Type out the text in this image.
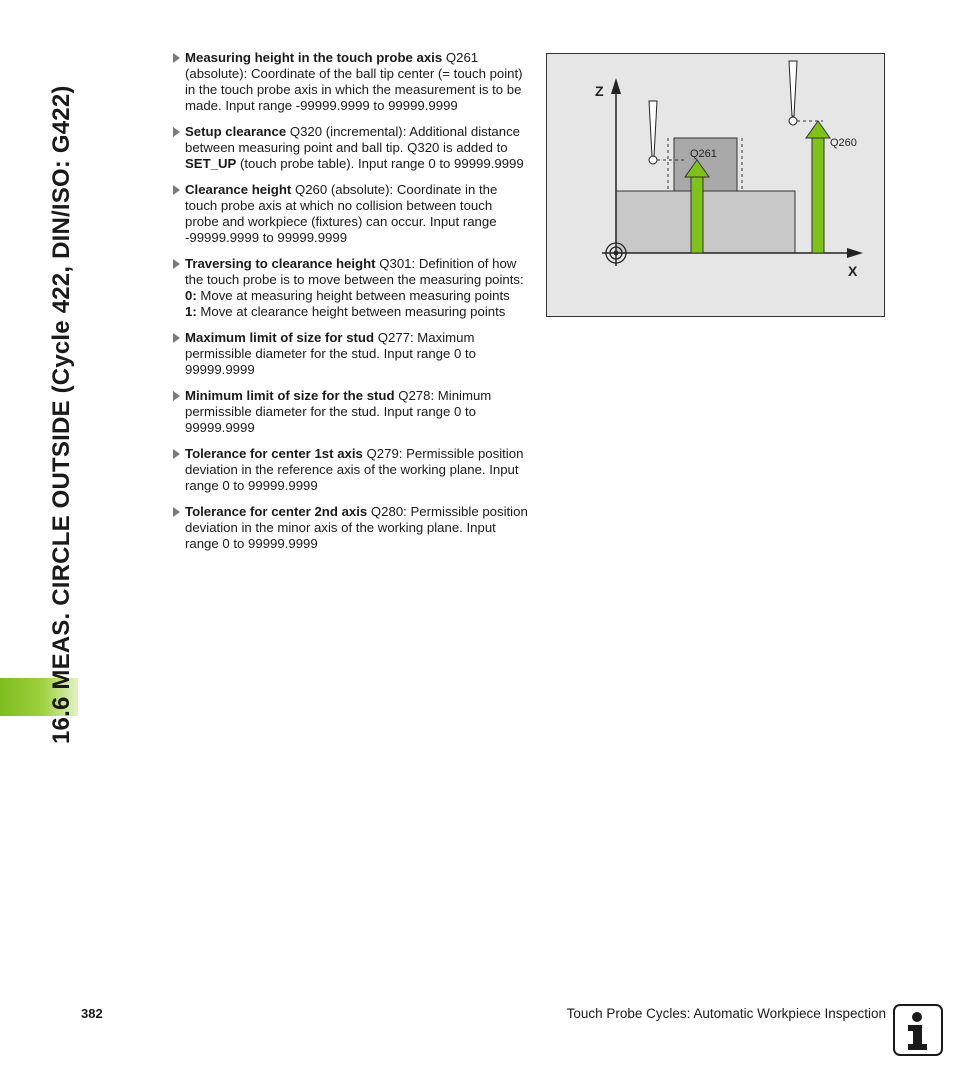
16.6 MEAS. CIRCLE OUTSIDE (Cycle 422, DIN/ISO: G422)
Measuring height in the touch probe axis Q261 (absolute): Coordinate of the ball tip center (= touch point) in the touch probe axis in which the measurement is to be made. Input range -99999.9999 to 99999.9999
Setup clearance Q320 (incremental): Additional distance between measuring point and ball tip. Q320 is added to SET_UP (touch probe table). Input range 0 to 99999.9999
Clearance height Q260 (absolute): Coordinate in the touch probe axis at which no collision between touch probe and workpiece (fixtures) can occur. Input range -99999.9999 to 99999.9999
Traversing to clearance height Q301: Definition of how the touch probe is to move between the measuring points:
0: Move at measuring height between measuring points
1: Move at clearance height between measuring points
Maximum limit of size for stud Q277: Maximum permissible diameter for the stud. Input range 0 to 99999.9999
Minimum limit of size for the stud Q278: Minimum permissible diameter for the stud. Input range 0 to 99999.9999
Tolerance for center 1st axis Q279: Permissible position deviation in the reference axis of the working plane. Input range 0 to 99999.9999
Tolerance for center 2nd axis Q280: Permissible position deviation in the minor axis of the working plane. Input range 0 to 99999.9999
Z
X
Q261
Q260
382	Touch Probe Cycles: Automatic Workpiece Inspection
